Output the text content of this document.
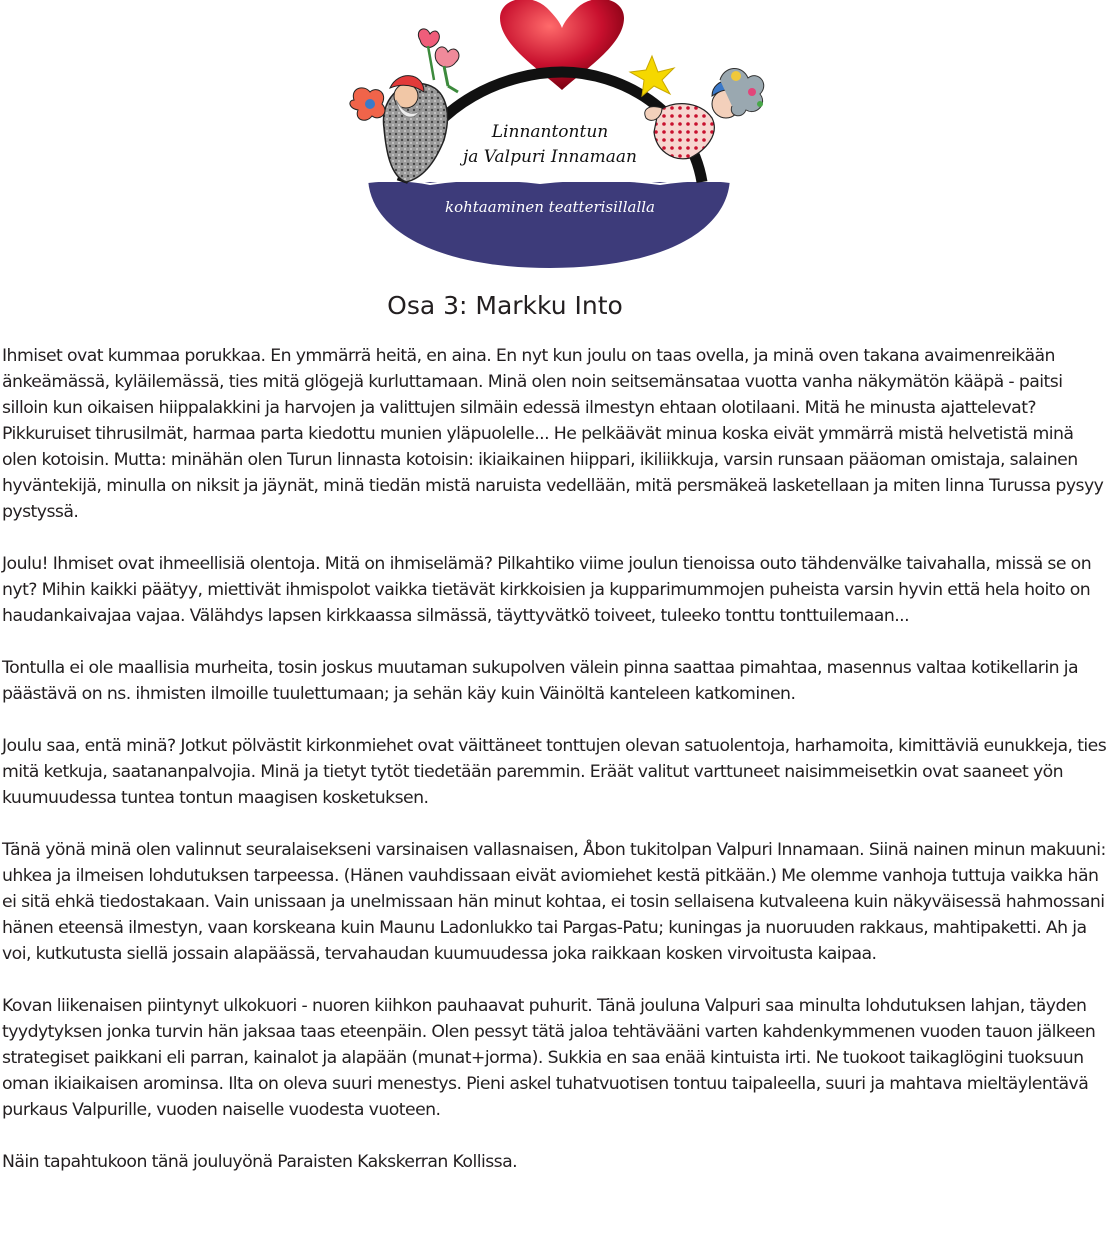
Linnantontun
ja Valpuri Innamaan
kohtaaminen teatterisillalla
Osa 3: Markku Into

Ihmiset ovat kummaa porukkaa. En ymmärrä heitä, en aina. En nyt kun joulu on taas ovella, ja minä oven takana avaimenreikään änkeämässä, kyläilemässä, ties mitä glögejä kurluttamaan. Minä olen noin seitsemänsataa vuotta vanha näkymätön kääpä - paitsi silloin kun oikaisen hiippalakkini ja harvojen ja valittujen silmäin edessä ilmestyn ehtaan olotilaani. Mitä he minusta ajattelevat? Pikkuruiset tihrusilmät, harmaa parta kiedottu munien yläpuolelle... He pelkäävät minua koska eivät ymmärrä mistä helvetistä minä olen kotoisin. Mutta: minähän olen Turun linnasta kotoisin: ikiaikainen hiippari, ikiliikkuja, varsin runsaan pääoman omistaja, salainen hyväntekijä, minulla on niksit ja jäynät, minä tiedän mistä naruista vedellään, mitä persmäkeä lasketellaan ja miten linna Turussa pysyy pystyssä.

Joulu! Ihmiset ovat ihmeellisiä olentoja. Mitä on ihmiselämä? Pilkahtiko viime joulun tienoissa outo tähdenvälke taivahalla, missä se on nyt? Mihin kaikki päätyy, miettivät ihmispolot vaikka tietävät kirkkoisien ja kupparimummojen puheista varsin hyvin että hela hoito on haudankaivajaa vajaa. Välähdys lapsen kirkkaassa silmässä, täyttyvätkö toiveet, tuleeko tonttu tonttuilemaan...

Tontulla ei ole maallisia murheita, tosin joskus muutaman sukupolven välein pinna saattaa pimahtaa, masennus valtaa kotikellarin ja päästävä on ns. ihmisten ilmoille tuulettumaan; ja sehän käy kuin Väinöltä kanteleen katkominen.

Joulu saa, entä minä? Jotkut pölvästit kirkonmiehet ovat väittäneet tonttujen olevan satuolentoja, harhamoita, kimittäviä eunukkeja, ties mitä ketkuja, saatananpalvojia. Minä ja tietyt tytöt tiedetään paremmin. Eräät valitut varttuneet naisimmeisetkin ovat saaneet yön kuumuudessa tuntea tontun maagisen kosketuksen.

Tänä yönä minä olen valinnut seuralaisekseni varsinaisen vallasnaisen, Åbon tukitolpan Valpuri Innamaan. Siinä nainen minun makuuni: uhkea ja ilmeisen lohdutuksen tarpeessa. (Hänen vauhdissaan eivät aviomiehet kestä pitkään.) Me olemme vanhoja tuttuja vaikka hän ei sitä ehkä tiedostakaan. Vain unissaan ja unelmissaan hän minut kohtaa, ei tosin sellaisena kutvaleena kuin näkyväisessä hahmossani hänen eteensä ilmestyn, vaan korskeana kuin Maunu Ladonlukko tai Pargas-Patu; kuningas ja nuoruuden rakkaus, mahtipaketti. Ah ja voi, kutkutusta siellä jossain alapäässä, tervahaudan kuumuudessa joka raikkaan kosken virvoitusta kaipaa.

Kovan liikenaisen piintynyt ulkokuori - nuoren kiihkon pauhaavat puhurit. Tänä jouluna Valpuri saa minulta lohdutuksen lahjan, täyden tyydytyksen jonka turvin hän jaksaa taas eteenpäin. Olen pessyt tätä jaloa tehtävääni varten kahdenkymmenen vuoden tauon jälkeen strategiset paikkani eli parran, kainalot ja alapään (munat+jorma). Sukkia en saa enää kintuista irti. Ne tuokoot taikaglögini tuoksuun oman ikiaikaisen arominsa. Ilta on oleva suuri menestys. Pieni askel tuhatvuotisen tontuu taipaleella, suuri ja mahtava mieltäylentävä purkaus Valpurille, vuoden naiselle vuodesta vuoteen.

Näin tapahtukoon tänä jouluyönä Paraisten Kakskerran Kollissa.
